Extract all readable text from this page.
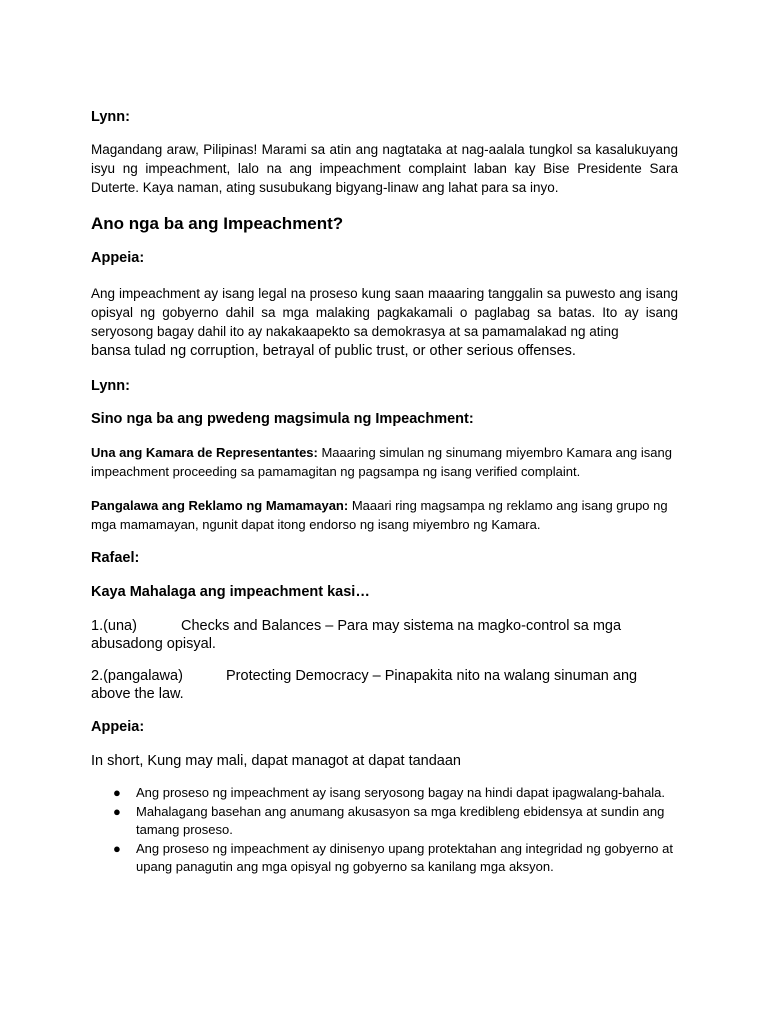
Lynn:

Magandang araw, Pilipinas! Marami sa atin ang nagtataka at nag-aalala tungkol sa kasalukuyang isyu ng impeachment, lalo na ang impeachment complaint laban kay Bise Presidente Sara Duterte. Kaya naman, ating susubukang bigyang-linaw ang lahat para sa inyo.

Ano nga ba ang Impeachment?

Appeia:

Ang impeachment ay isang legal na proseso kung saan maaaring tanggalin sa puwesto ang isang opisyal ng gobyerno dahil sa mga malaking pagkakamali o paglabag sa batas. Ito ay isang seryosong bagay dahil ito ay nakakaapekto sa demokrasya at sa pamamalakad ng ating
bansa tulad ng corruption, betrayal of public trust, or other serious offenses.

Lynn:

Sino nga ba ang pwedeng magsimula ng Impeachment:

Una ang Kamara de Representantes: Maaaring simulan ng sinumang miyembro Kamara ang isang impeachment proceeding sa pamamagitan ng pagsampa ng isang verified complaint.

Pangalawa ang Reklamo ng Mamamayan: Maaari ring magsampa ng reklamo ang isang grupo ng mga mamamayan, ngunit dapat itong endorso ng isang miyembro ng Kamara.

Rafael:

Kaya Mahalaga ang impeachment kasi…

1.(una)	Checks and Balances – Para may sistema na magko-control sa mga
abusadong opisyal.

2.(pangalawa)	Protecting Democracy – Pinapakita nito na walang sinuman ang
above the law.

Appeia:

In short, Kung may mali, dapat managot at dapat tandaan

● Ang proseso ng impeachment ay isang seryosong bagay na hindi dapat ipagwalang-bahala.
● Mahalagang basehan ang anumang akusasyon sa mga kredibleng ebidensya at sundin ang tamang proseso.
● Ang proseso ng impeachment ay dinisenyo upang protektahan ang integridad ng gobyerno at upang panagutin ang mga opisyal ng gobyerno sa kanilang mga aksyon.
